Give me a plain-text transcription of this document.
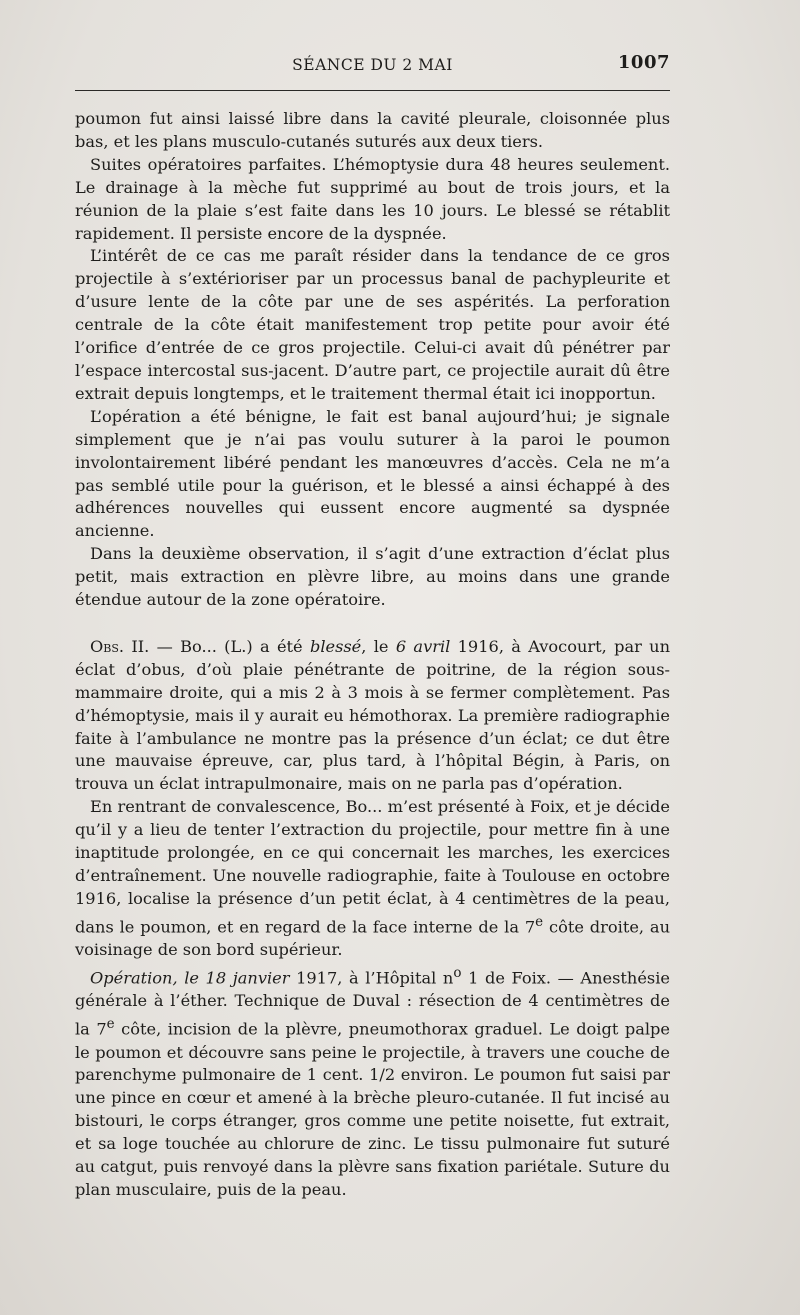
SÉANCE DU 2 MAI	1007

poumon fut ainsi laissé libre dans la cavité pleurale, cloisonnée plus bas, et les plans musculo-cutanés suturés aux deux tiers.

Suites opératoires parfaites. L’hémoptysie dura 48 heures seulement. Le drainage à la mèche fut supprimé au bout de trois jours, et la réunion de la plaie s’est faite dans les 10 jours. Le blessé se rétablit rapidement. Il persiste encore de la dyspnée.

L’intérêt de ce cas me paraît résider dans la tendance de ce gros projectile à s’extérioriser par un processus banal de pachypleurite et d’usure lente de la côte par une de ses aspérités. La perforation centrale de la côte était manifestement trop petite pour avoir été l’orifice d’entrée de ce gros projectile. Celui-ci avait dû pénétrer par l’espace intercostal sus-jacent. D’autre part, ce projectile aurait dû être extrait depuis longtemps, et le traitement thermal était ici inopportun.

L’opération a été bénigne, le fait est banal aujourd’hui; je signale simplement que je n’ai pas voulu suturer à la paroi le poumon involontairement libéré pendant les manœuvres d’accès. Cela ne m’a pas semblé utile pour la guérison, et le blessé a ainsi échappé à des adhérences nouvelles qui eussent encore augmenté sa dyspnée ancienne.

Dans la deuxième observation, il s’agit d’une extraction d’éclat plus petit, mais extraction en plèvre libre, au moins dans une grande étendue autour de la zone opératoire.

Obs. II. — Bo... (L.) a été blessé, le 6 avril 1916, à Avocourt, par un éclat d’obus, d’où plaie pénétrante de poitrine, de la région sous-mammaire droite, qui a mis 2 à 3 mois à se fermer complètement. Pas d’hémoptysie, mais il y aurait eu hémothorax. La première radiographie faite à l’ambulance ne montre pas la présence d’un éclat; ce dut être une mauvaise épreuve, car, plus tard, à l’hôpital Bégin, à Paris, on trouva un éclat intrapulmonaire, mais on ne parla pas d’opération.

En rentrant de convalescence, Bo... m’est présenté à Foix, et je décide qu’il y a lieu de tenter l’extraction du projectile, pour mettre fin à une inaptitude prolongée, en ce qui concernait les marches, les exercices d’entraînement. Une nouvelle radiographie, faite à Toulouse en octobre 1916, localise la présence d’un petit éclat, à 4 centimètres de la peau, dans le poumon, et en regard de la face interne de la 7e côte droite, au voisinage de son bord supérieur.

Opération, le 18 janvier 1917, à l’Hôpital $n^o$ 1 de Foix. — Anesthésie générale à l’éther. Technique de Duval : résection de 4 centimètres de la 7e côte, incision de la plèvre, pneumothorax graduel. Le doigt palpe le poumon et découvre sans peine le projectile, à travers une couche de parenchyme pulmonaire de 1 cent. 1/2 environ. Le poumon fut saisi par une pince en cœur et amené à la brèche pleuro-cutanée. Il fut incisé au bistouri, le corps étranger, gros comme une petite noisette, fut extrait, et sa loge touchée au chlorure de zinc. Le tissu pulmonaire fut suturé au catgut, puis renvoyé dans la plèvre sans fixation pariétale. Suture du plan musculaire, puis de la peau.
